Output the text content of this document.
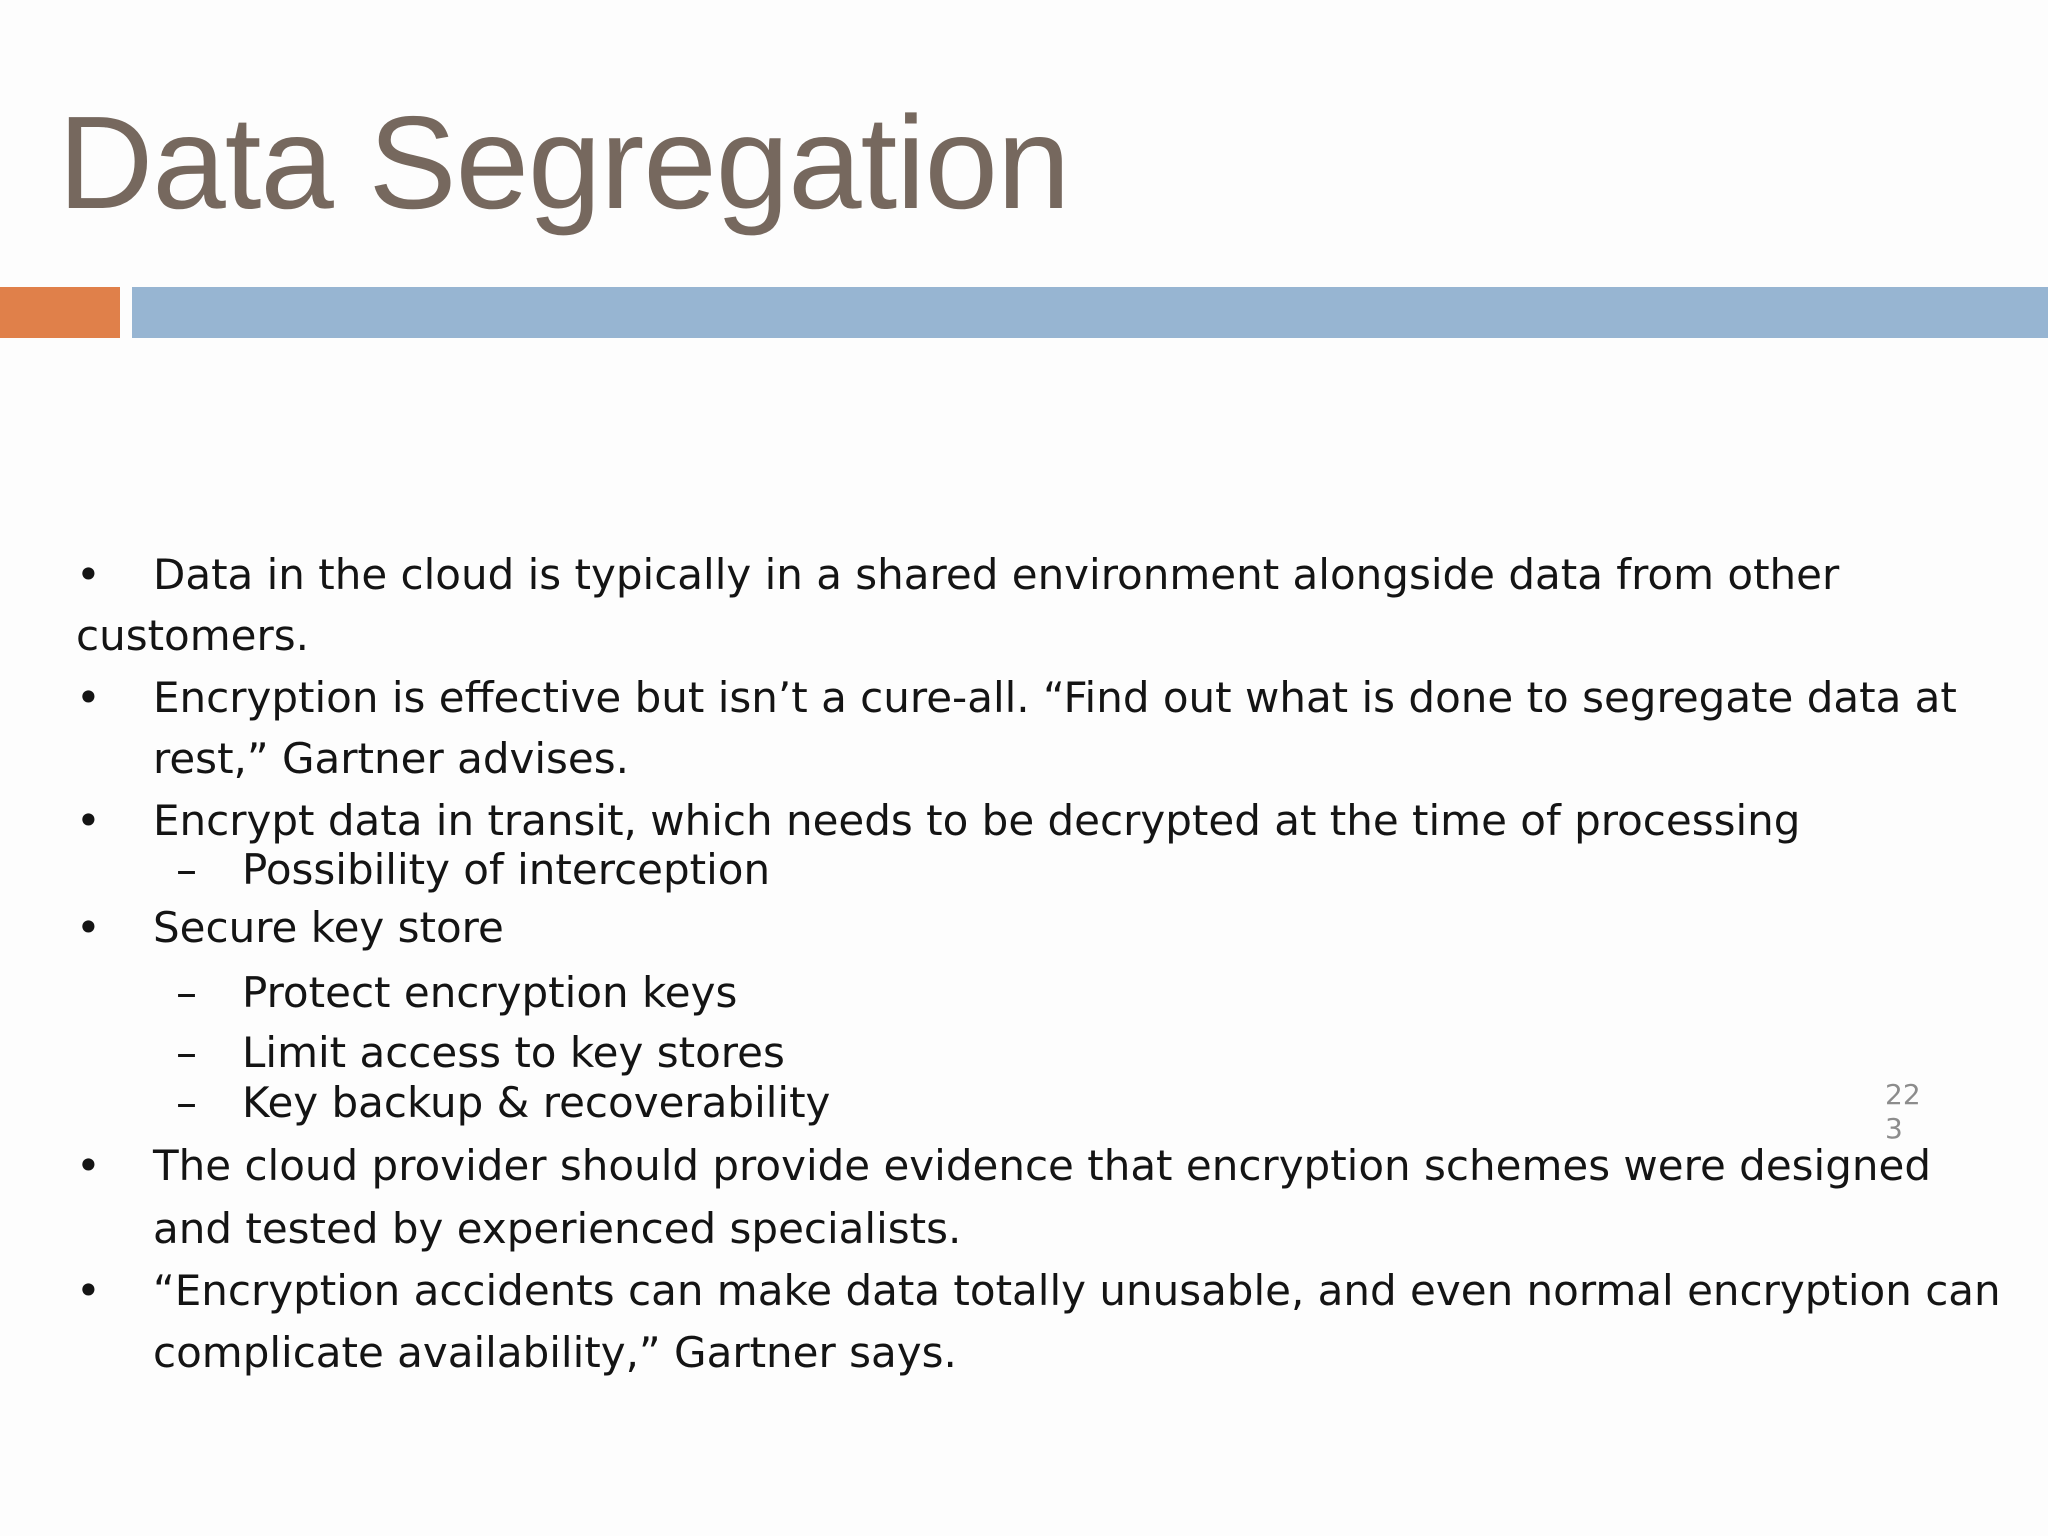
Data Segregation
• Data in the cloud is typically in a shared environment alongside data from other
customers.
• Encryption is effective but isn’t a cure-all. “Find out what is done to segregate data at
rest,” Gartner advises.
• Encrypt data in transit, which needs to be decrypted at the time of processing
– Possibility of interception
• Secure key store
– Protect encryption keys
– Limit access to key stores
– Key backup & recoverability
• The cloud provider should provide evidence that encryption schemes were designed
and tested by experienced specialists.
• “Encryption accidents can make data totally unusable, and even normal encryption can
complicate availability,” Gartner says.
22
3
